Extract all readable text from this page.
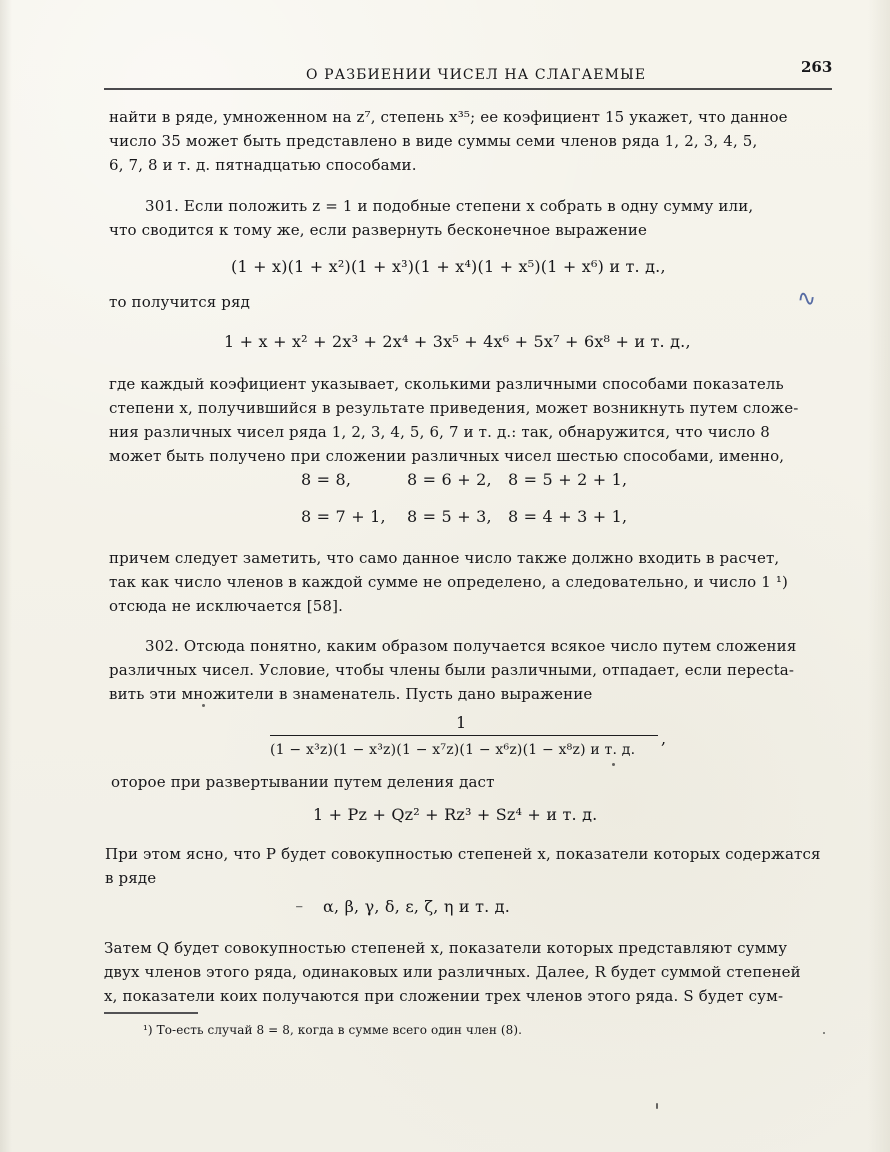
О РАЗБИЕНИИ ЧИСЕЛ НА СЛАГАЕМЫЕ	263
найти в ряде, умноженном на z⁷, степень x³⁵; ее коэфициент 15 укажет, что данное
число 35 может быть представлено в виде суммы семи членов ряда 1, 2, 3, 4, 5,
6, 7, 8 и т. д. пятнадцатью способами.
301. Если положить z = 1 и подобные степени x собрать в одну сумму или,
что сводится к тому же, если развернуть бесконечное выражение
(1 + x)(1 + x²)(1 + x³)(1 + x⁴)(1 + x⁵)(1 + x⁶) и т. д.,
то получится ряд	∿
1 + x + x² + 2x³ + 2x⁴ + 3x⁵ + 4x⁶ + 5x⁷ + 6x⁸ + и т. д.,
где каждый коэфициент указывает, сколькими различными способами показатель
степени x, получившийся в результате приведения, может возникнуть путем сложе-
ния различных чисел ряда 1, 2, 3, 4, 5, 6, 7 и т. д.: так, обнаружится, что число 8
может быть получено при сложении различных чисел шестью способами, именно,
8 = 8,	8 = 6 + 2, 8 = 5 + 2 + 1,
8 = 7 + 1, 8 = 5 + 3, 8 = 4 + 3 + 1,
причем следует заметить, что само данное число также должно входить в расчет,
так как число членов в каждой сумме не определено, а следовательно, и число 1 ¹)
отсюда не исключается [58].
302. Отсюда понятно, каким образом получается всякое число путем сложения
различных чисел. Условие, чтобы члены были различными, отпадает, если пересta-
вить эти множители в знаменатель. Пусть дано выражение
1
(1 − x³z)(1 − x³z)(1 − x⁷z)(1 − x⁶z)(1 − x⁸z) и т. д.
,
оторое при развертывании путем деления даст
1 + Pz + Qz² + Rz³ + Sz⁴ + и т. д.
При этом ясно, что P будет совокупностью степеней x, показатели которых содержатся
в ряде
⁻ α, β, γ, δ, ε, ζ, η и т. д.
Затем Q будет совокупностью степеней x, показатели которых представляют сумму
двух членов этого ряда, одинаковых или различных. Далее, R будет суммой степеней
x, показатели коих получаются при сложении трех членов этого ряда. S будет сум-
¹) То-есть случай 8 = 8, когда в сумме всего один член (8).
